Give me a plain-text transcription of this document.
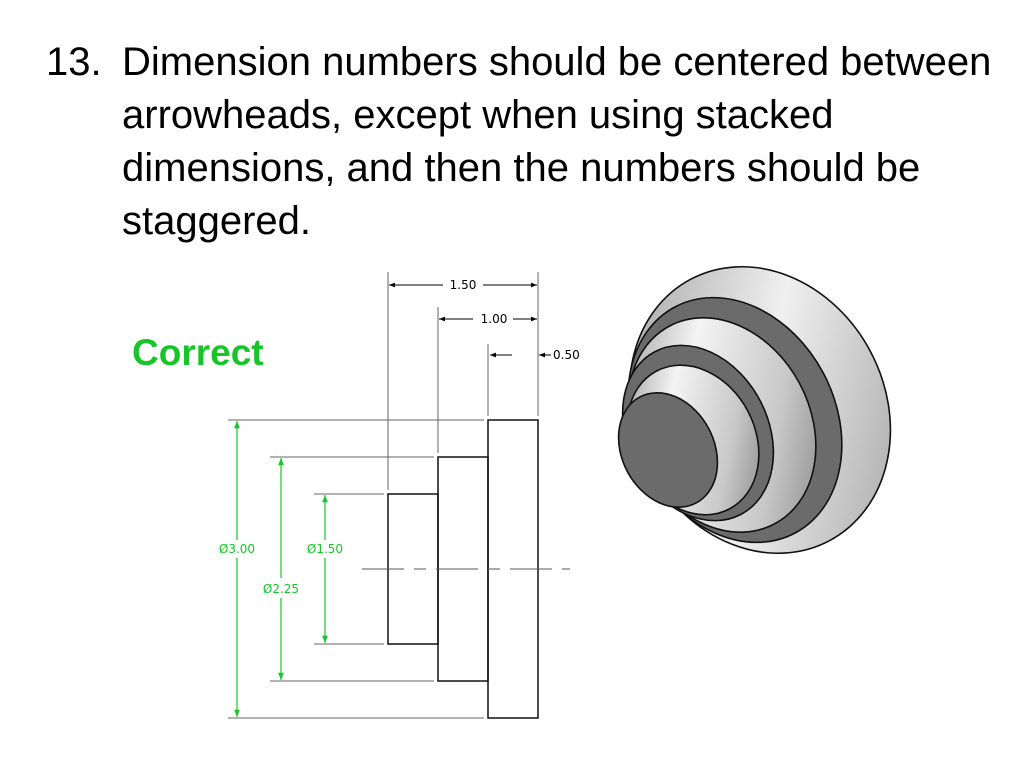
13. Dimension numbers should be centered between arrowheads, except when using stacked dimensions, and then the numbers should be staggered.
Correct
1.50
1.00
0.50
Ø3.00
Ø2.25
Ø1.50
